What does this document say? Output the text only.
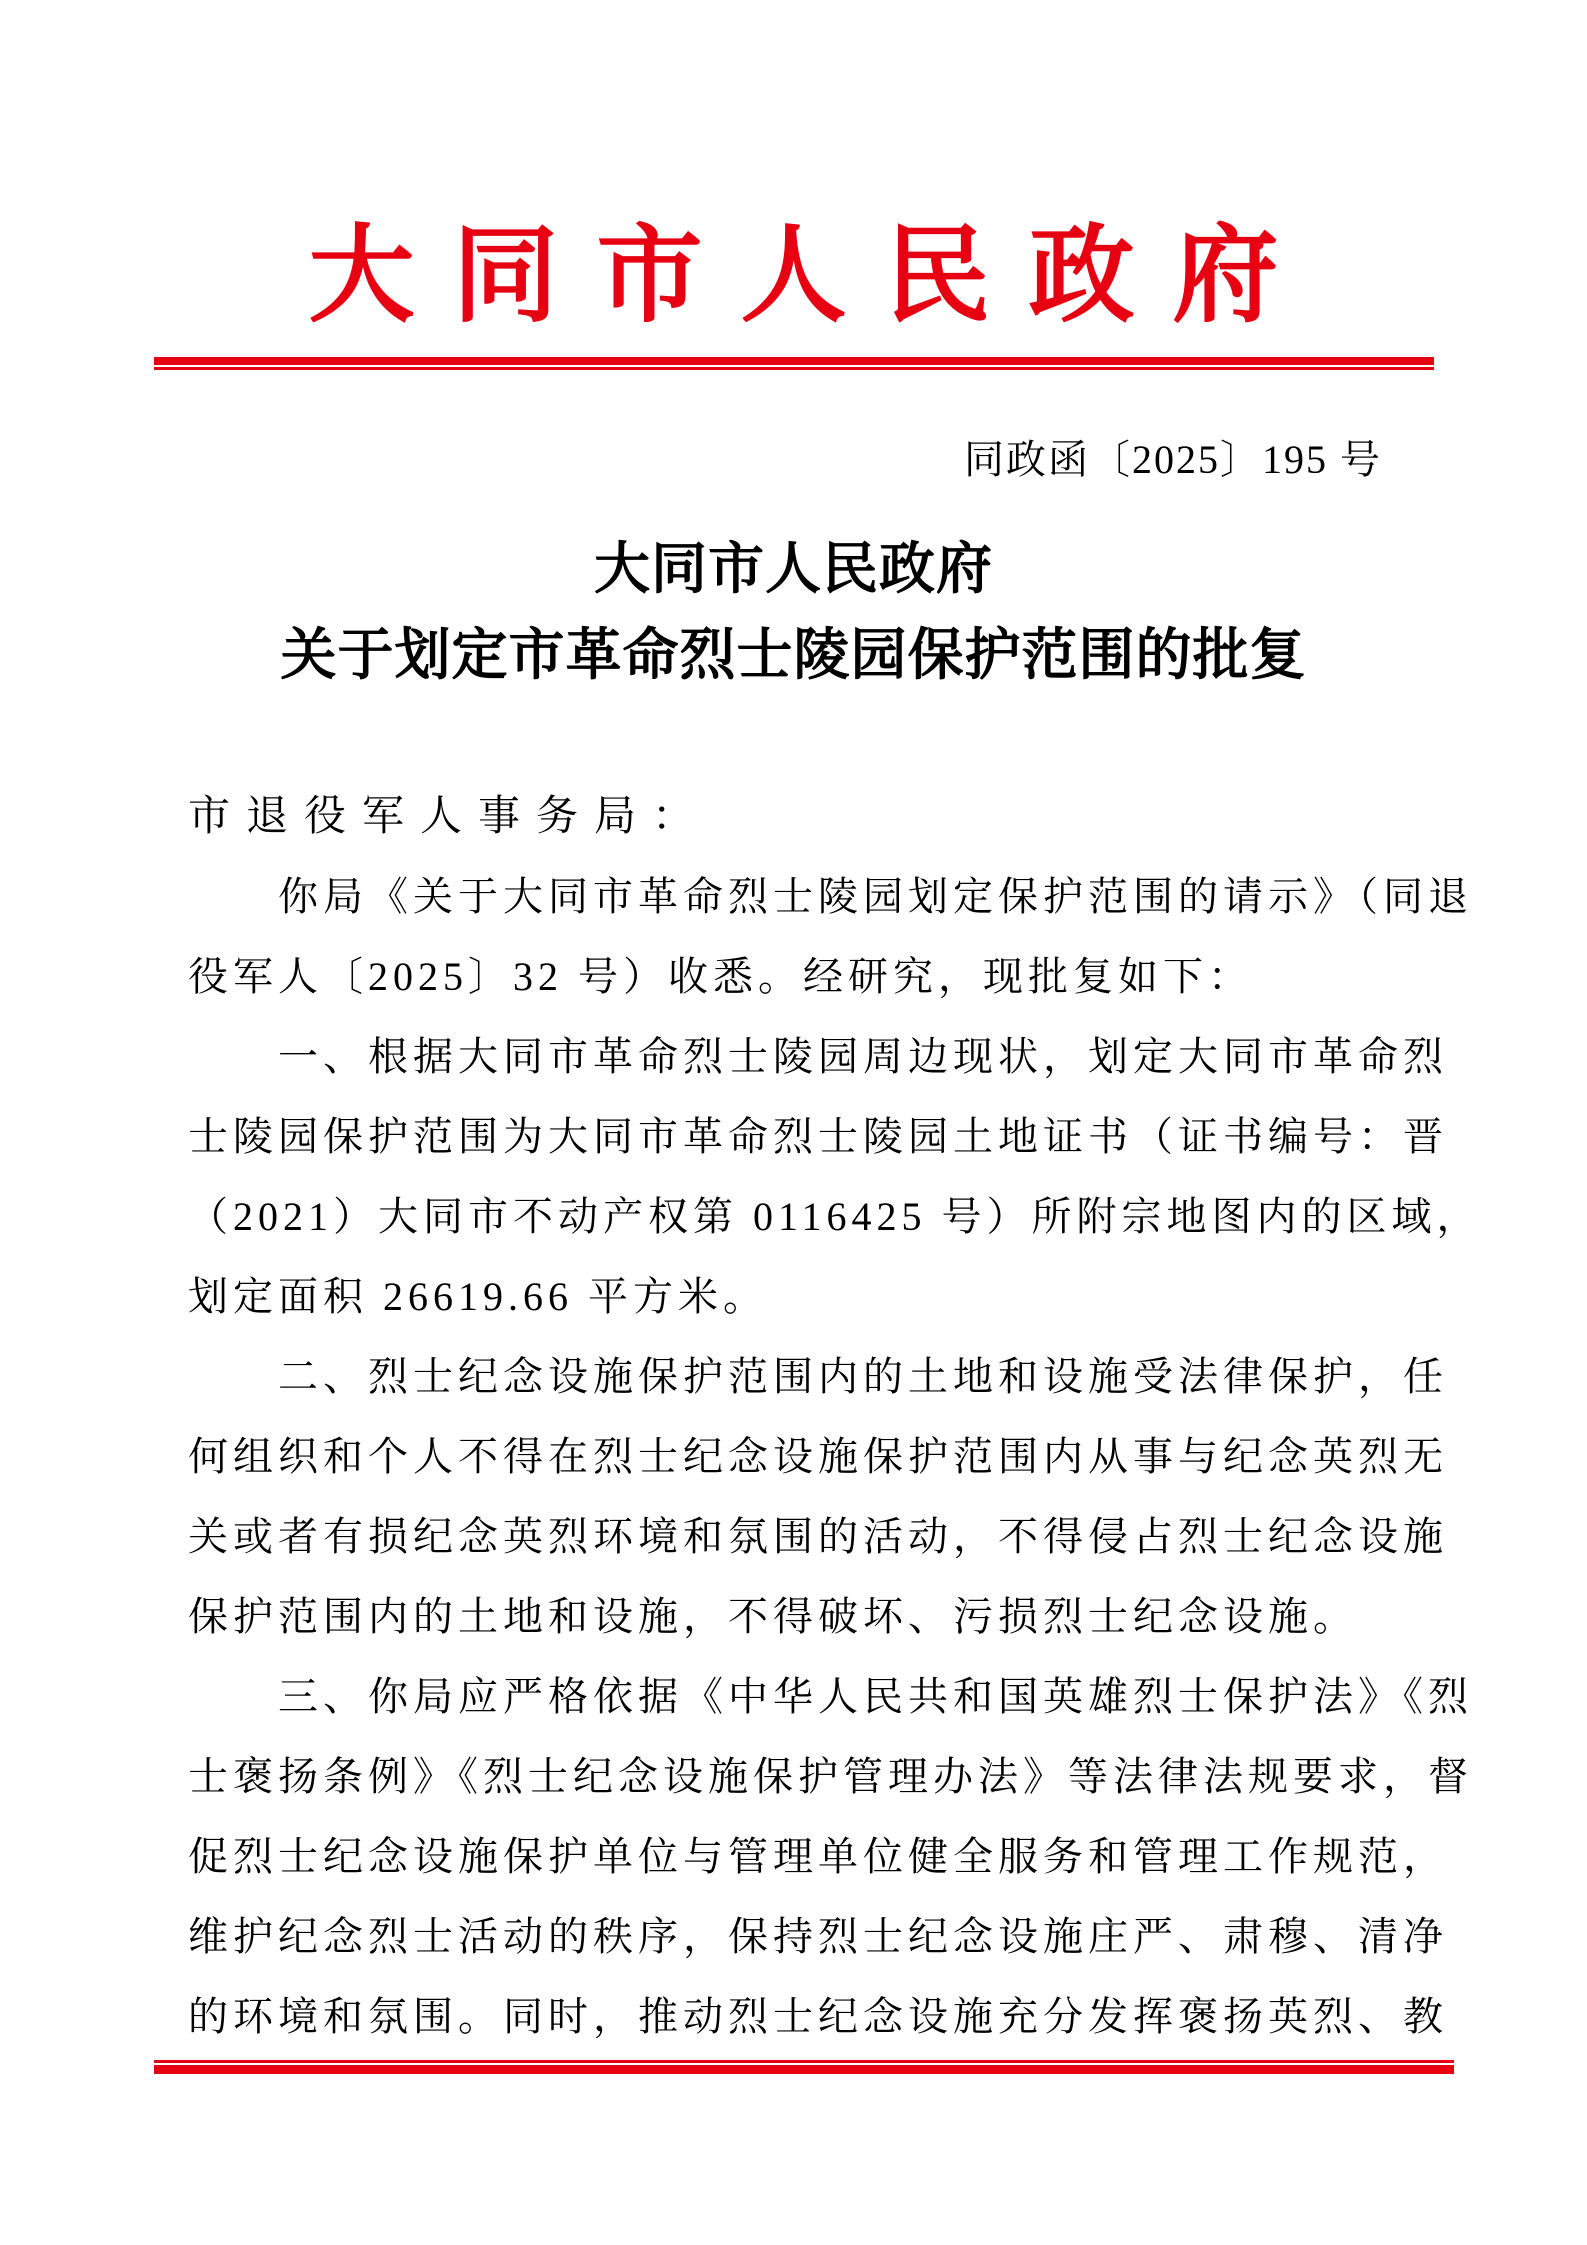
大同市人民政府
同政函〔2025〕195 号
大同市人民政府
关于划定市革命烈士陵园保护范围的批复
市退役军人事务局：
你局《关于大同市革命烈士陵园划定保护范围的请示》（同退
役军人〔2025〕32 号）收悉。经研究，现批复如下：
一、根据大同市革命烈士陵园周边现状，划定大同市革命烈
士陵园保护范围为大同市革命烈士陵园土地证书（证书编号：晋
（2021）大同市不动产权第 0116425 号）所附宗地图内的区域，
划定面积 26619.66 平方米。
二、烈士纪念设施保护范围内的土地和设施受法律保护，任
何组织和个人不得在烈士纪念设施保护范围内从事与纪念英烈无
关或者有损纪念英烈环境和氛围的活动，不得侵占烈士纪念设施
保护范围内的土地和设施，不得破坏、污损烈士纪念设施。
三、你局应严格依据《中华人民共和国英雄烈士保护法》《烈
士褒扬条例》《烈士纪念设施保护管理办法》等法律法规要求，督
促烈士纪念设施保护单位与管理单位健全服务和管理工作规范，
维护纪念烈士活动的秩序，保持烈士纪念设施庄严、肃穆、清净
的环境和氛围。同时，推动烈士纪念设施充分发挥褒扬英烈、教
